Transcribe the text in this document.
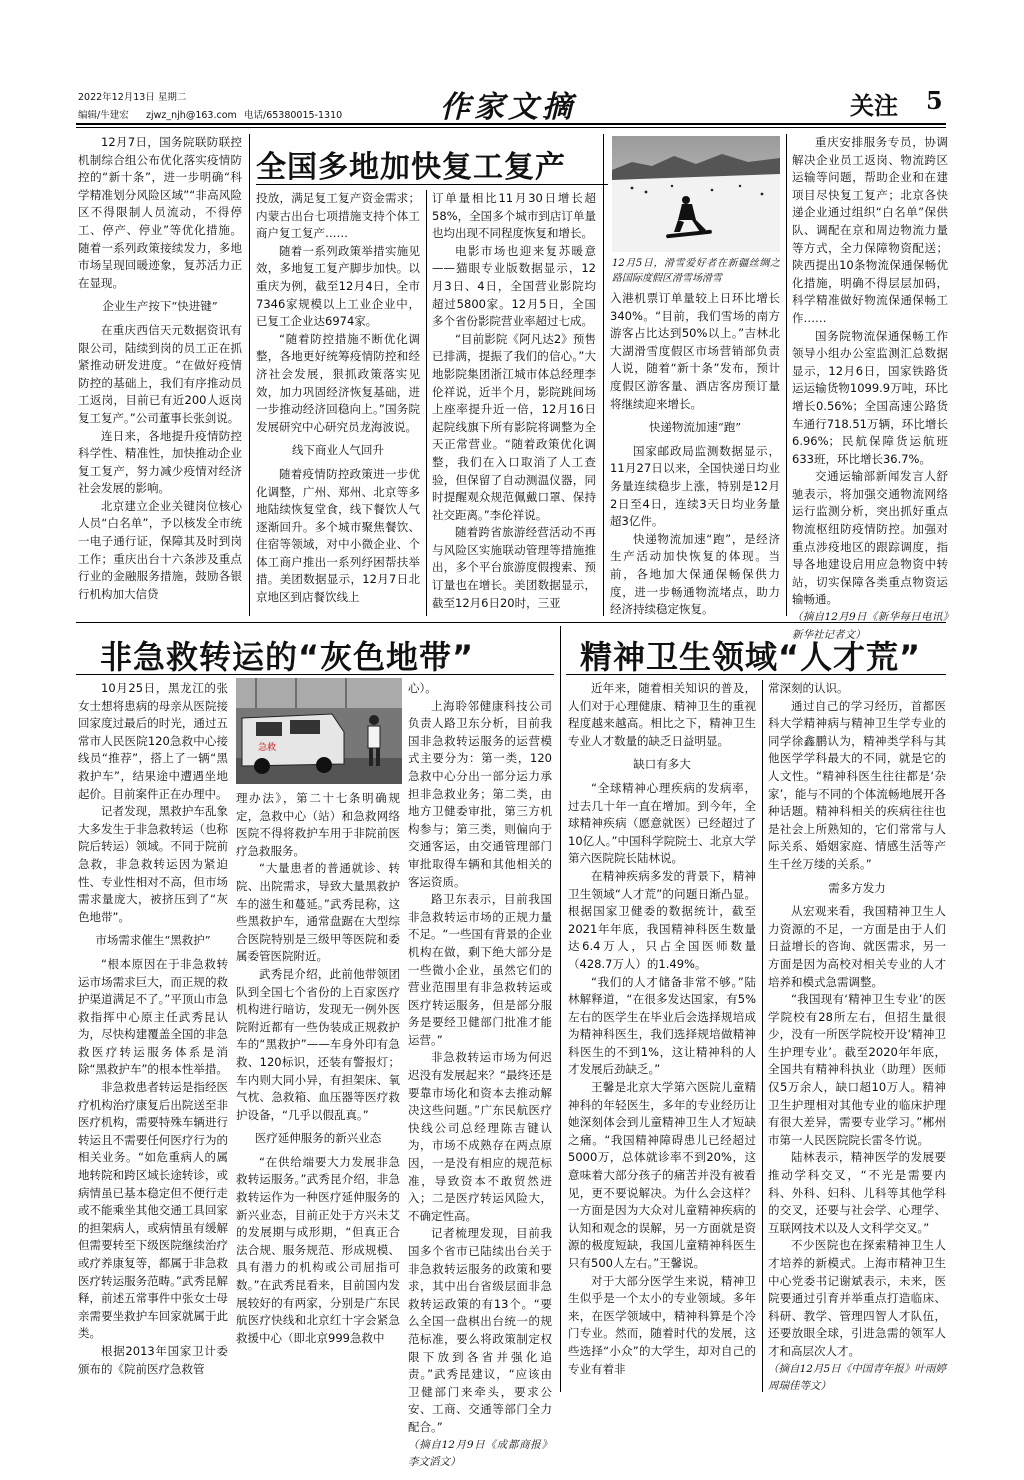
2022年12月13日 星期二
编辑/牛建宏 zjwz_njh@163.com 电话/65380015-1310	作家文摘	关注 5

12月7日，国务院联防联控机制综合组公布优化落实疫情防控的“新十条”，进一步明确“科学精准划分风险区域”“非高风险区不得限制人员流动，不得停工、停产、停业”等优化措施。随着一系列政策接续发力，多地市场呈现回暖迹象，复苏活力正在显现。

企业生产按下“快进键”

在重庆西信天元数据资讯有限公司，陆续到岗的员工正在抓紧推动研发进度。“在做好疫情防控的基础上，我们有序推动员工返岗，目前已有近200人返岗复工复产。”公司董事长张剑说。

连日来，各地提升疫情防控科学性、精准性，加快推动企业复工复产，努力减少疫情对经济社会发展的影响。

北京建立企业关键岗位核心人员“白名单”，予以核发全市统一电子通行证，保障其及时到岗工作；重庆出台十六条涉及重点行业的金融服务措施，鼓励各银行机构加大信贷

全国多地加快复工复产

投放，满足复工复产资金需求；内蒙古出台七项措施支持个体工商户复工复产……

随着一系列政策举措实施见效，多地复工复产脚步加快。以重庆为例，截至12月4日，全市7346家规模以上工业企业中，已复工企业达6974家。

“随着防控措施不断优化调整，各地更好统筹疫情防控和经济社会发展，狠抓政策落实见效，加力巩固经济恢复基础，进一步推动经济回稳向上。”国务院发展研究中心研究员龙海波说。

线下商业人气回升

随着疫情防控政策进一步优化调整，广州、郑州、北京等多地陆续恢复堂食，线下餐饮人气逐渐回升。多个城市聚焦餐饮、住宿等领域，对中小微企业、个体工商户推出一系列纾困帮扶举措。美团数据显示，12月7日北京地区到店餐饮线上

订单量相比11月30日增长超58%，全国多个城市到店订单量也均出现不同程度恢复和增长。

电影市场也迎来复苏暖意——猫眼专业版数据显示，12月3日、4日，全国营业影院均超过5800家。12月5日，全国多个省份影院营业率超过七成。

“目前影院《阿凡达2》预售已排满，提振了我们的信心。”大地影院集团浙江城市体总经理李伦祥说，近半个月，影院跳间场上座率提升近一倍，12月16日起院线旗下所有影院将调整为全天正常营业。“随着政策优化调整，我们在入口取消了人工查验，但保留了自动测温仪器，同时提醒观众规范佩戴口罩、保持社交距离。”李伦祥说。

随着跨省旅游经营活动不再与风险区实施联动管理等措施推出，多个平台旅游度假搜索、预订量也在增长。美团数据显示，截至12月6日20时，三亚

12月5日，滑雪爱好者在新疆丝绸之路国际度假区滑雪场滑雪

入港机票订单量较上日环比增长340%。“目前，我们雪场的南方游客占比达到50%以上。”吉林北大湖滑雪度假区市场营销部负责人说，随着“新十条”发布，预计度假区游客量、酒店客房预订量将继续迎来增长。

快递物流加速“跑”

国家邮政局监测数据显示，11月27日以来，全国快递日均业务量连续稳步上涨，特别是12月2日至4日，连续3天日均业务量超3亿件。

快递物流加速“跑”，是经济生产活动加快恢复的体现。当前，各地加大保通保畅保供力度，进一步畅通物流堵点，助力经济持续稳定恢复。

重庆安排服务专员，协调解决企业员工返岗、物流跨区运输等问题，帮助企业和在建项目尽快复工复产；北京各快递企业通过组织“白名单”保供队、调配在京和周边物流力量等方式，全力保障物资配送；陕西提出10条物流保通保畅优化措施，明确不得层层加码，科学精准做好物流保通保畅工作……

国务院物流保通保畅工作领导小组办公室监测汇总数据显示，12月6日，国家铁路货运运输货物1099.9万吨，环比增长0.56%；全国高速公路货车通行718.51万辆，环比增长6.96%；民航保障货运航班633班，环比增长36.7%。

交通运输部新闻发言人舒驰表示，将加强交通物流网络运行监测分析，突出抓好重点物流枢纽防疫情防控。加强对重点涉疫地区的跟踪调度，指导各地建设启用应急物资中转站，切实保障各类重点物资运输畅通。

（摘自12月9日《新华每日电讯》新华社记者文）

非急救转运的“灰色地带”

10月25日，黑龙江的张女士想将患病的母亲从医院接回家度过最后的时光，通过五常市人民医院120急救中心接线员“推荐”，搭上了一辆“黑救护车”，结果途中遭遇坐地起价。目前案件正在办理中。

记者发现，黑救护车乱象大多发生于非急救转运（也称院后转运）领域。不同于院前急救，非急救转运因为紧迫性、专业性相对不高，但市场需求量庞大，被挤压到了“灰色地带”。

市场需求催生“黑救护”

“根本原因在于非急救转运市场需求巨大，而正规的救护渠道满足不了。”平顶山市急救指挥中心原主任武秀昆认为，尽快构建覆盖全国的非急救医疗转运服务体系是消除“黑救护车”的根本性举措。

非急救患者转运是指经医疗机构治疗康复后出院送至非医疗机构，需要特殊车辆进行转运且不需要任何医疗行为的相关业务。“如危重病人的属地转院和跨区域长途转诊，或病情虽已基本稳定但不便行走或不能乘坐其他交通工具回家的担架病人，或病情虽有缓解但需要转至下级医院继续治疗或疗养康复等，都属于非急救医疗转运服务范畴。”武秀昆解释，前述五常事件中张女士母亲需要坐救护车回家就属于此类。

根据2013年国家卫计委颁布的《院前医疗急救管

急救

理办法》，第二十七条明确规定，急救中心（站）和急救网络医院不得将救护车用于非院前医疗急救服务。

“大量患者的普通就诊、转院、出院需求，导致大量黑救护车的滋生和蔓延。”武秀昆称，这些黑救护车，通常盘踞在大型综合医院特别是三级甲等医院和委属委管医院附近。

武秀昆介绍，此前他带领团队到全国七个省份的上百家医疗机构进行暗访，发现无一例外医院附近都有一些伪装成正规救护车的“黑救护”——车身外印有急救、120标识，还装有警报灯；车内则大同小异，有担架床、氧气枕、急救箱、血压器等医疗救护设备，“几乎以假乱真。”

医疗延伸服务的新兴业态

“在供给端要大力发展非急救转运服务。”武秀昆介绍，非急救转运作为一种医疗延伸服务的新兴业态，目前正处于方兴未艾的发展期与成形期，“但真正合法合规、服务规范、形成规模、具有潜力的机构或公司屈指可数。”在武秀昆看来，目前国内发展较好的有两家，分别是广东民航医疗快线和北京红十字会紧急救援中心（即北京999急救中

心）。

上海聆邻健康科技公司负责人路卫东分析，目前我国非急救转运服务的运营模式主要分为：第一类，120急救中心分出一部分运力承担非急救业务；第二类，由地方卫健委审批，第三方机构参与；第三类，则偏向于交通客运，由交通管理部门审批取得车辆和其他相关的客运资质。

路卫东表示，目前我国非急救转运市场的正规力量不足。“一些国有背景的企业机构在做，剩下绝大部分是一些微小企业，虽然它们的营业范围里有非急救转运或医疗转运服务，但是部分服务是要经卫健部门批准才能运营。”

非急救转运市场为何迟迟没有发展起来？“最终还是要靠市场化和资本去推动解决这些问题。”广东民航医疗快线公司总经理陈吉键认为，市场不成熟存在两点原因，一是没有相应的规范标准，导致资本不敢贸然进入；二是医疗转运风险大，不确定性高。

记者梳理发现，目前我国多个省市已陆续出台关于非急救转运服务的政策和要求，其中出台省级层面非急救转运政策的有13个。“要么全国一盘棋出台统一的规范标准，要么将政策制定权限下放到各省并强化追责。”武秀昆建议，“应该由卫健部门来牵头，要求公安、工商、交通等部门全力配合。”

（摘自12月9日《成都商报》李文滔文）

精神卫生领域“人才荒”

近年来，随着相关知识的普及，人们对于心理健康、精神卫生的重视程度越来越高。相比之下，精神卫生专业人才数量的缺乏日益明显。

缺口有多大

“全球精神心理疾病的发病率，过去几十年一直在增加。到今年，全球精神疾病（愿意就医）已经超过了10亿人。”中国科学院院士、北京大学第六医院院长陆林说。

在精神疾病多发的背景下，精神卫生领域“人才荒”的问题日渐凸显。根据国家卫健委的数据统计，截至2021年年底，我国精神科医生数量达6.4万人，只占全国医师数量（428.7万人）的1.49%。

“我们的人才储备非常不够。”陆林解释道，“在很多发达国家，有5%左右的医学生在毕业后会选择规培成为精神科医生，我们选择规培做精神科医生的不到1%，这让精神科的人才发展后劲缺乏。”

王馨是北京大学第六医院儿童精神科的年轻医生，多年的专业经历让她深刻体会到儿童精神卫生人才短缺之痛。“我国精神障碍患儿已经超过5000万，总体就诊率不到20%，这意味着大部分孩子的痛苦并没有被看见，更不要说解决。为什么会这样？一方面是因为大众对儿童精神疾病的认知和观念的误解，另一方面就是资源的极度短缺，我国儿童精神科医生只有500人左右。”王馨说。

对于大部分医学生来说，精神卫生似乎是一个太小的专业领域。多年来，在医学领域中，精神科算是个冷门专业。然而，随着时代的发展，这些选择“小众”的大学生，却对自己的专业有着非

常深刻的认识。

通过自己的学习经历，首都医科大学精神病与精神卫生学专业的同学徐鑫鹏认为，精神类学科与其他医学学科最大的不同，就是它的人文性。“精神科医生往往都是‘杂家’，能与不同的个体流畅地展开各种话题。精神科相关的疾病往往也是社会上所熟知的，它们常常与人际关系、婚姻家庭、情感生活等产生千丝万缕的关系。”

需多方发力

从宏观来看，我国精神卫生人力资源的不足，一方面是由于人们日益增长的咨询、就医需求，另一方面是因为高校对相关专业的人才培养和模式急需调整。

“我国现有‘精神卫生专业’的医学院校有28所左右，但招生量很少，没有一所医学院校开设‘精神卫生护理专业’。截至2020年年底，全国共有精神科执业（助理）医师仅5万余人，缺口超10万人。精神卫生护理相对其他专业的临床护理有很大差异，需要专业学习。”郴州市第一人民医院院长雷冬竹说。

陆林表示，精神医学的发展要推动学科交叉，“不光是需要内科、外科、妇科、儿科等其他学科的交叉，还要与社会学、心理学、互联网技术以及人文科学交叉。”

不少医院也在探索精神卫生人才培养的新模式。上海市精神卫生中心党委书记谢斌表示，未来，医院要通过引育并举重点打造临床、科研、教学、管理四智人才队伍，还要放眼全球，引进急需的领军人才和高层次人才。

（摘自12月5日《中国青年报》叶雨婷 周瑞佳等文）
